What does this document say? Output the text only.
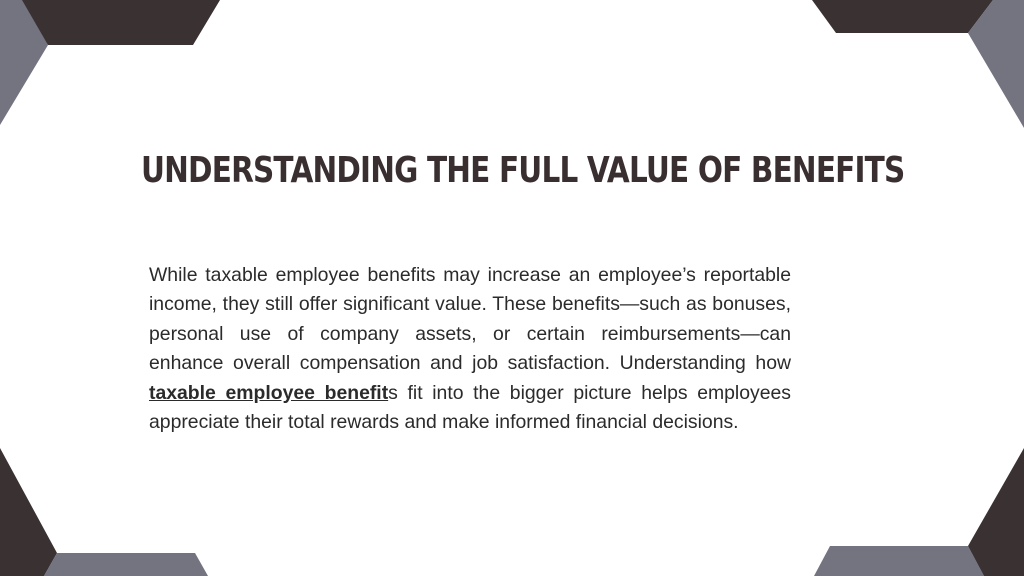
UNDERSTANDING THE FULL VALUE OF BENEFITS

While taxable employee benefits may increase an employee’s reportable income, they still offer significant value. These benefits—such as bonuses, personal use of company assets, or certain reimbursements—can enhance overall compensation and job satisfaction. Understanding how taxable employee benefits fit into the bigger picture helps employees appreciate their total rewards and make informed financial decisions.
